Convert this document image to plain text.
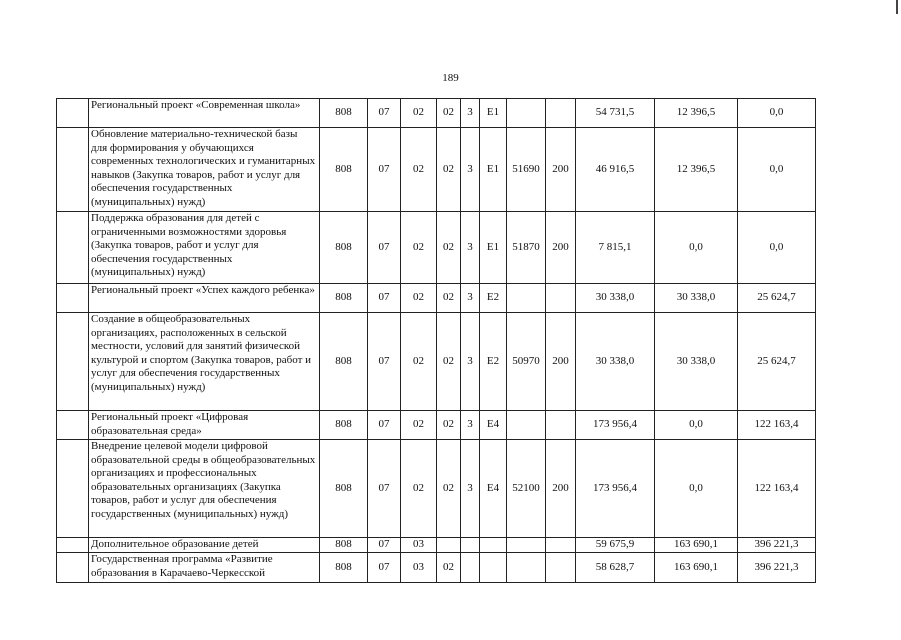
189
	Региональный проект «Современная школа»	808	07	02	02	3	Е1			54 731,5	12 396,5	0,0
	Обновление материально-технической базы для формирования у обучающихся современных технологических и гуманитарных навыков (Закупка товаров, работ и услуг для обеспечения государственных (муниципальных) нужд)	808	07	02	02	3	Е1	51690	200	46 916,5	12 396,5	0,0
	Поддержка образования для детей с ограниченными возможностями здоровья (Закупка товаров, работ и услуг для обеспечения государственных (муниципальных) нужд)	808	07	02	02	3	Е1	51870	200	7 815,1	0,0	0,0
	Региональный проект «Успех каждого ребенка»	808	07	02	02	3	Е2			30 338,0	30 338,0	25 624,7
	Создание в общеобразовательных организациях, расположенных в сельской местности, условий для занятий физической культурой и спортом (Закупка товаров, работ и услуг для обеспечения государственных (муниципальных) нужд)	808	07	02	02	3	Е2	50970	200	30 338,0	30 338,0	25 624,7
	Региональный проект «Цифровая образовательная среда»	808	07	02	02	3	Е4			173 956,4	0,0	122 163,4
	Внедрение целевой модели цифровой образовательной среды в общеобразовательных организациях и профессиональных образовательных организациях (Закупка товаров, работ и услуг для обеспечения государственных (муниципальных) нужд)	808	07	02	02	3	Е4	52100	200	173 956,4	0,0	122 163,4
	Дополнительное образование детей	808	07	03						59 675,9	163 690,1	396 221,3
	Государственная программа «Развитие образования в Карачаево-Черкесской	808	07	03	02					58 628,7	163 690,1	396 221,3
